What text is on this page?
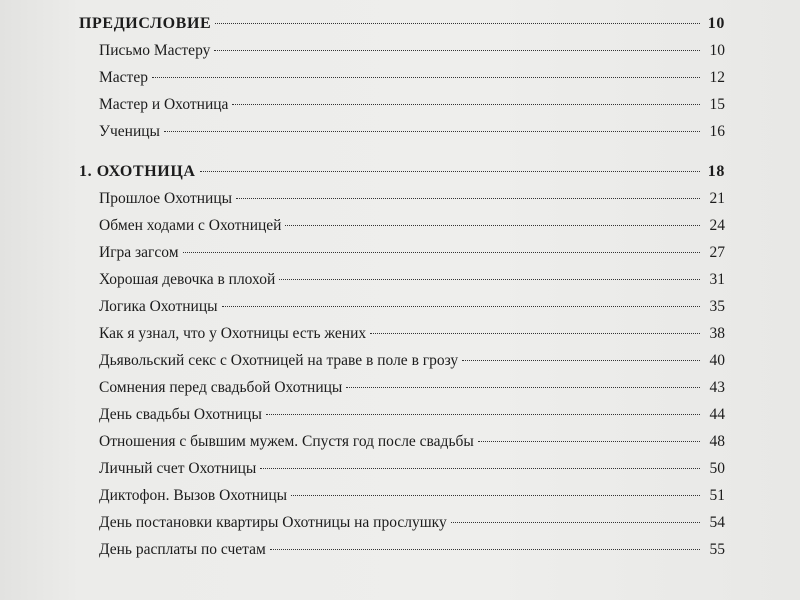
ПРЕДИСЛОВИЕ	10
Письмо Мастеру	10
Мастер	12
Мастер и Охотница	15
Ученицы	16
1. ОХОТНИЦА	18
Прошлое Охотницы	21
Обмен ходами с Охотницей	24
Игра загсом	27
Хорошая девочка в плохой	31
Логика Охотницы	35
Как я узнал, что у Охотницы есть жених	38
Дьявольский секс с Охотницей на траве в поле в грозу	40
Сомнения перед свадьбой Охотницы	43
День свадьбы Охотницы	44
Отношения с бывшим мужем. Спустя год после свадьбы	48
Личный счет Охотницы	50
Диктофон. Вызов Охотницы	51
День постановки квартиры Охотницы на прослушку	54
День расплаты по счетам	55
